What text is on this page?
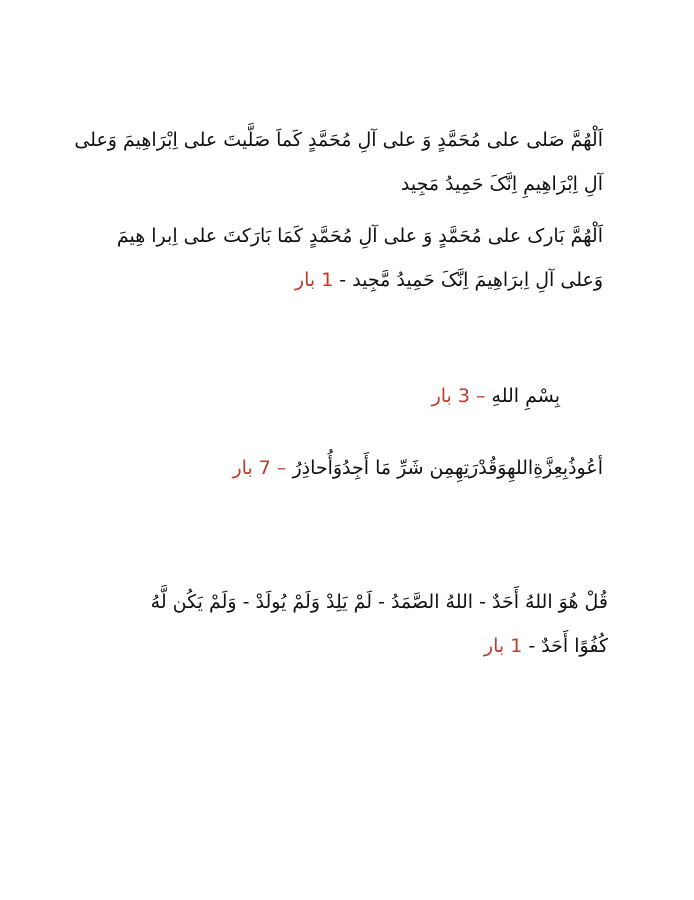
اَلْهُمَّ صَلی علی مُحَمَّدٍ وَ علی آلِ مُحَمَّدٍ کَماَ صَلَّیتَ علی اِبْرَاهِیمَ وَعلی
آلِ اِبْرَاهِیمِ اِنَّکَ حَمِیدُ مَجِید
اَلْهُمَّ بَارک علی مُحَمَّدٍ وَ علی آلِ مُحَمَّدٍ کَمَا بَارَکتَ علی اِبرا هِیمَ
وَعلی آلِ اِبرَاهِیمَ اِنَّکَ حَمِیدُ مَّجِید -1 بار
بِسْمِ اللهِ– 3 بار
أعُوذُبِعِزَّةِاللهِوَقُدْرَتِهِمِن شَرِّ مَا أَجِدُوَأُحاذِرُ– 7 بار
قُلْ هُوَ اللهُ أَحَدٌ - اللهُ الصَّمَدُ - لَمْ يَلِدْ وَلَمْ يُولَدْ - وَلَمْ يَكُن لَّهُ
كُفُوًا أَحَدٌ -1 بار
